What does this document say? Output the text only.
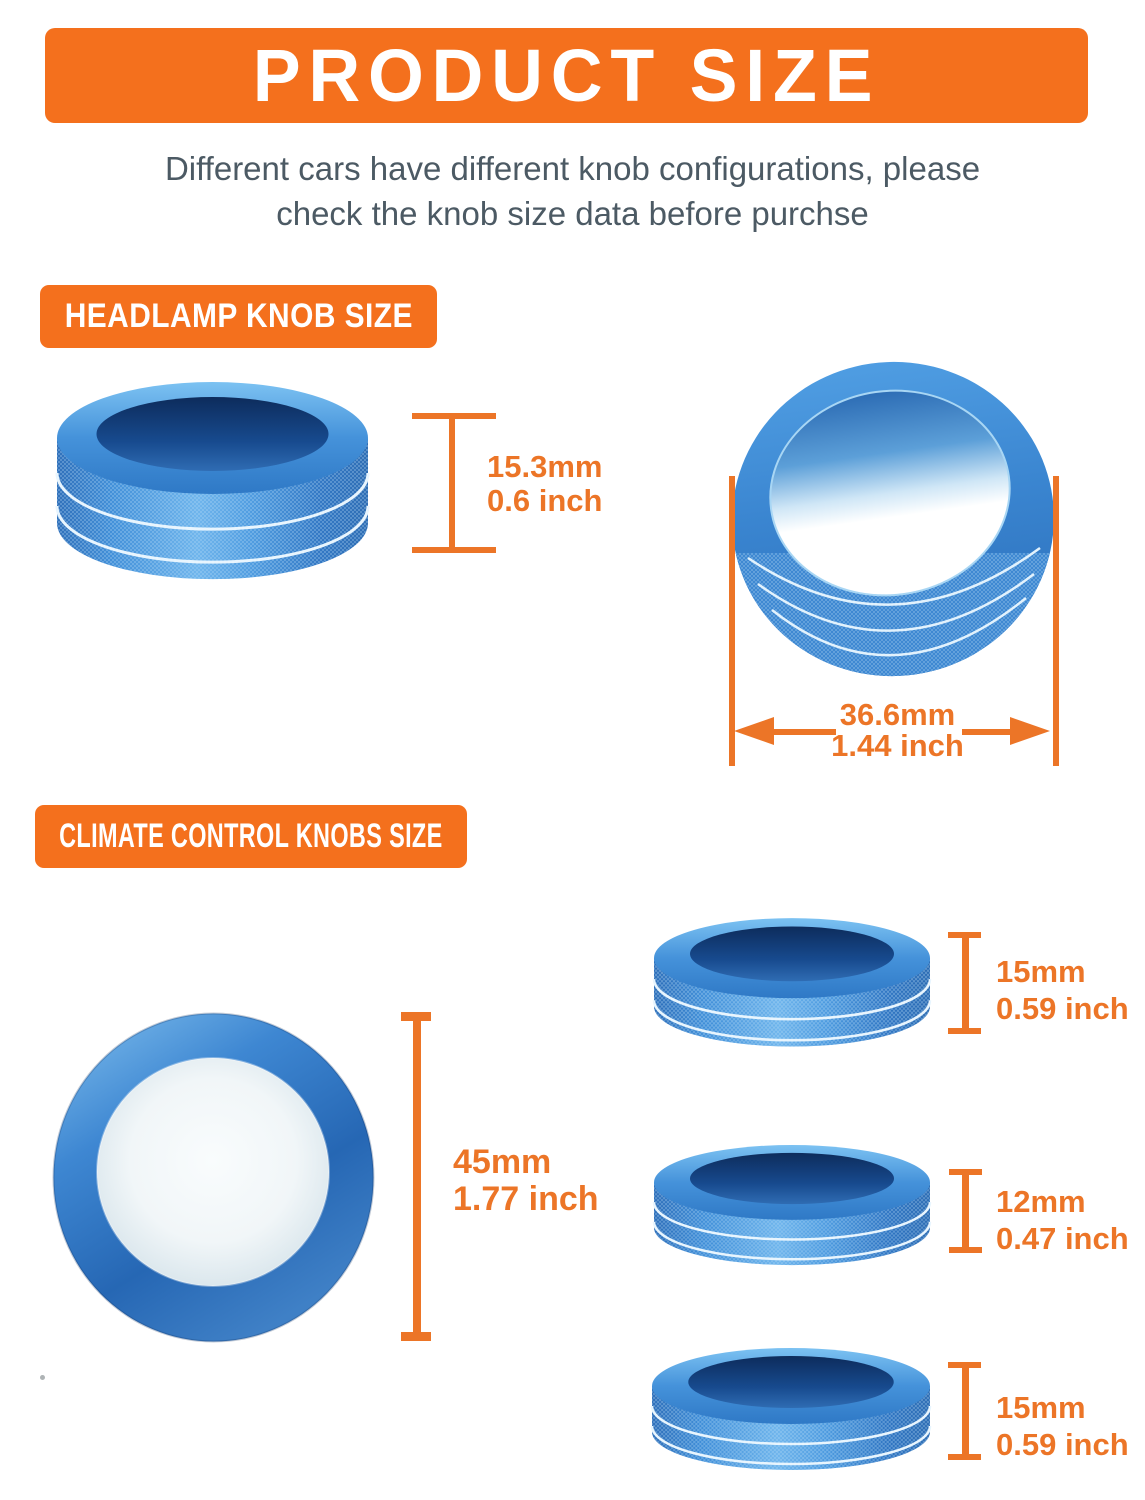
PRODUCT SIZE
Different cars have different knob configurations, please
check the knob size data before purchse
HEADLAMP KNOB SIZE
15.3mm
0.6 inch
36.6mm
1.44 inch
CLIMATE CONTROL KNOBS SIZE
45mm
1.77 inch
15mm
0.59 inch
12mm
0.47 inch
15mm
0.59 inch
